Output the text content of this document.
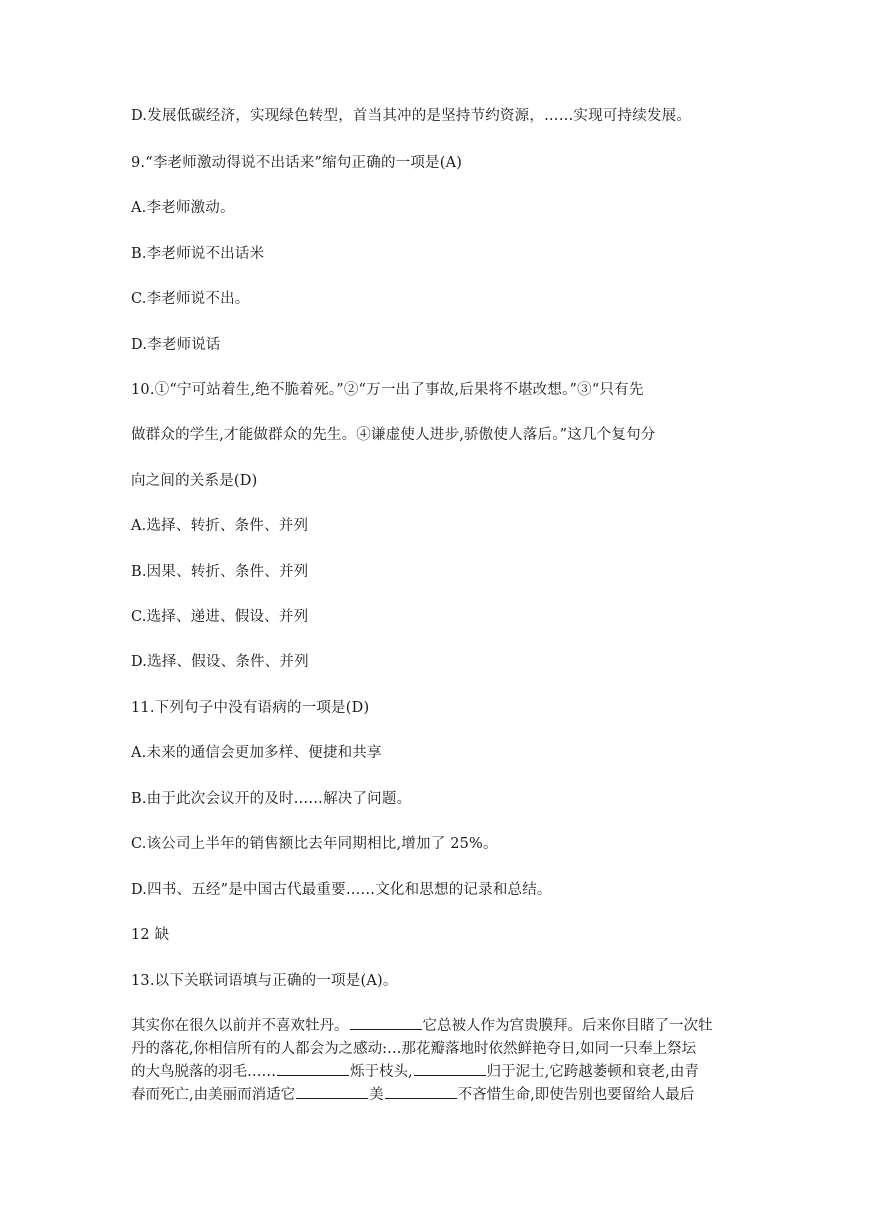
D.发展低碳经济，实现绿色转型，首当其冲的是坚持节约资源，……实现可持续发展。
9.“李老师激动得说不出话来”缩句正确的一项是(A)
A.李老师激动。
B.李老师说不出话米
C.李老师说不出。
D.李老师说话
10.①“宁可站着生,绝不脆着死。”②“万一出了事故,后果将不堪改想。”③“只有先
做群众的学生,才能做群众的先生。④谦虚使人进步,骄傲使人落后。”这几个复句分
向之间的关系是(D)
A.选择、转折、条件、并列
B.因果、转折、条件、并列
C.选择、递进、假设、并列
D.选择、假设、条件、并列
11.下列句子中没有语病的一项是(D)
A.未来的通信会更加多样、便捷和共享
B.由于此次会议开的及时……解决了问题。
C.该公司上半年的销售额比去年同期相比,增加了 25%。
D.四书、五经”是中国古代最重要……文化和思想的记录和总结。
12 缺
13.以下关联词语填与正确的一项是(A)。
其实你在很久以前并不喜欢牡丹。	它总被人作为宫贵膜拜。后来你目睹了一次牡
丹的落花,你相信所有的人都会为之感动:…那花瓣落地时依然鲜艳夺日,如同一只奉上祭坛
的大鸟脱落的羽毛……	烁于枝头,	归于泥士,它跨越萎顿和衰老,由青
春而死亡,由美丽而消适它	美	不吝惜生命,即使告别也要留给人最后
